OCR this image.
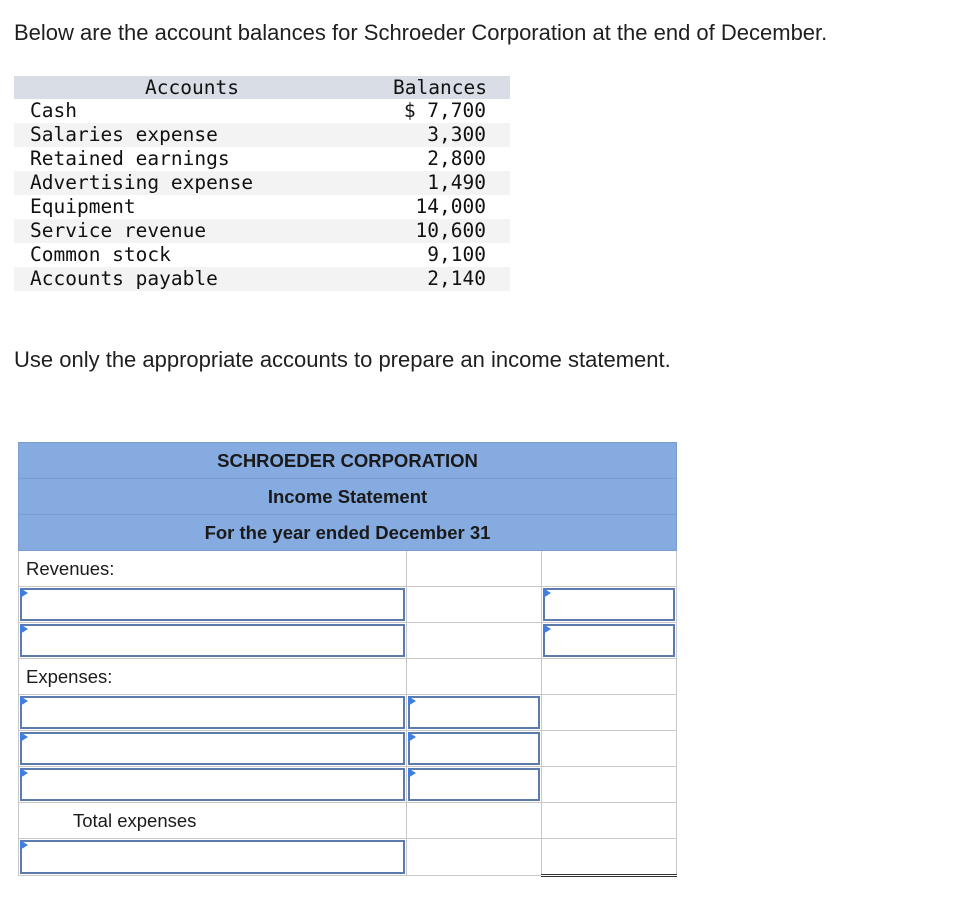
Below are the account balances for Schroeder Corporation at the end of December.
Accounts	Balances
Cash	$ 7,700
Salaries expense	3,300
Retained earnings	2,800
Advertising expense	1,490
Equipment	14,000
Service revenue	10,600
Common stock	9,100
Accounts payable	2,140
Use only the appropriate accounts to prepare an income statement.
SCHROEDER CORPORATION		
Income Statement		
For the year ended December 31		
Revenues:		

Expenses:		

Total expenses		
